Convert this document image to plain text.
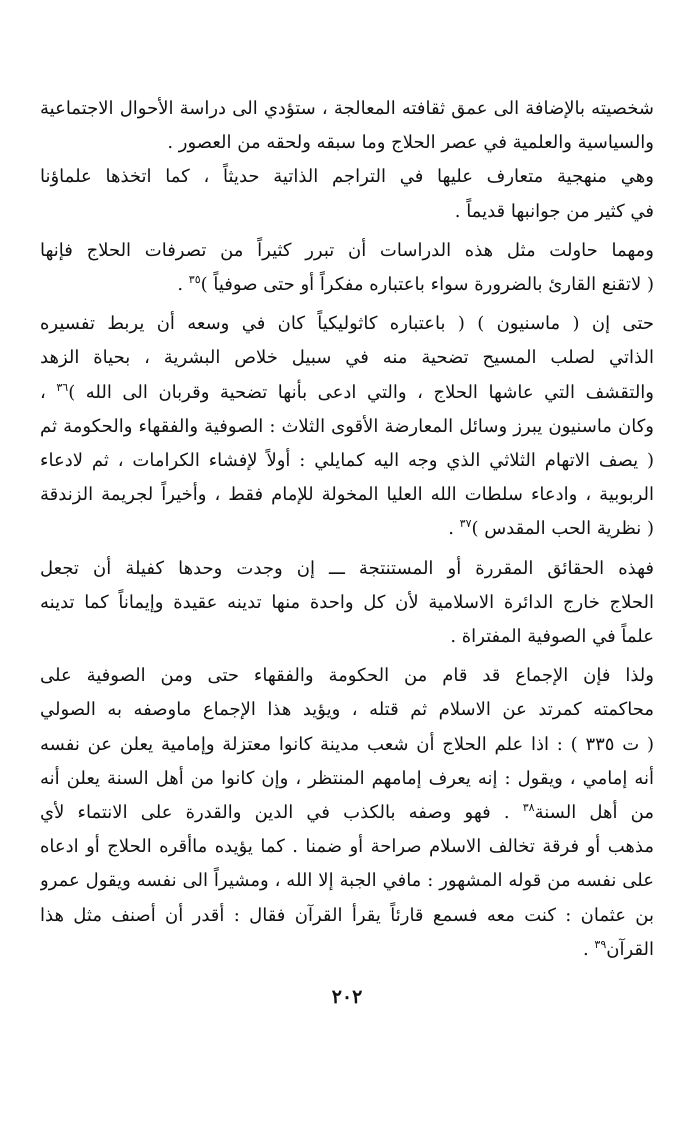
شخصيته بالإضافة الى عمق ثقافته المعالجة ، ستؤدي الى دراسة الأحوال الاجتماعية
والسياسية والعلمية في عصر الحلاج وما سبقه ولحقه من العصور .
وهي منهجية متعارف عليها في التراجم الذاتية حديثاً ، كما اتخذها علماؤنا
في كثير من جوانبها قديماً .
ومهما حاولت مثل هذه الدراسات أن تبرر كثيراً من تصرفات الحلاج فإنها
( لاتقنع القارئ بالضرورة سواء باعتباره مفكراً أو حتى صوفياً )$^{٣٥}$ .
حتى إن ( ماسنيون ) ( باعتباره كاثوليكياً كان في وسعه أن يربط تفسيره
الذاتي لصلب المسيح تضحية منه في سبيل خلاص البشرية ، بحياة الزهد
والتقشف التي عاشها الحلاج ، والتي ادعى بأنها تضحية وقربان الى الله )$^{٣٦}$ ،
وكان ماسنيون يبرز وسائل المعارضة الأقوى الثلاث : الصوفية والفقهاء والحكومة ثم
( يصف الاتهام الثلاثي الذي وجه اليه كمايلي : أولاً لإفشاء الكرامات ، ثم لادعاء
الربوبية ، وادعاء سلطات الله العليا المخولة للإمام فقط ، وأخيراً لجريمة الزندقة
( نظرية الحب المقدس )$^{٣٧}$ .
فهذه الحقائق المقررة أو المستنتجة ـــ إن وجدت وحدها كفيلة أن تجعل
الحلاج خارج الدائرة الاسلامية لأن كل واحدة منها تدينه عقيدة وإيماناً كما تدينه
علماً في الصوفية المفتراة .
ولذا فإن الإجماع قد قام من الحكومة والفقهاء حتى ومن الصوفية على
محاكمته كمرتد عن الاسلام ثم قتله ، ويؤيد هذا الإجماع ماوصفه به الصولي
( ت ٣٣٥ ) : اذا علم الحلاج أن شعب مدينة كانوا معتزلة وإمامية يعلن عن نفسه
أنه إمامي ، ويقول : إنه يعرف إمامهم المنتظر ، وإن كانوا من أهل السنة يعلن أنه
من أهل السنة$^{٣٨}$ . فهو وصفه بالكذب في الدين والقدرة على الانتماء لأي
مذهب أو فرقة تخالف الاسلام صراحة أو ضمنا . كما يؤيده ماأقره الحلاج أو ادعاه
على نفسه من قوله المشهور : مافي الجبة إلا الله ، ومشيراً الى نفسه ويقول عمرو
بن عثمان : كنت معه فسمع قارئاً يقرأ القرآن فقال : أقدر أن أصنف مثل هذا
القرآن$^{٣٩}$ .
٢٠٢
